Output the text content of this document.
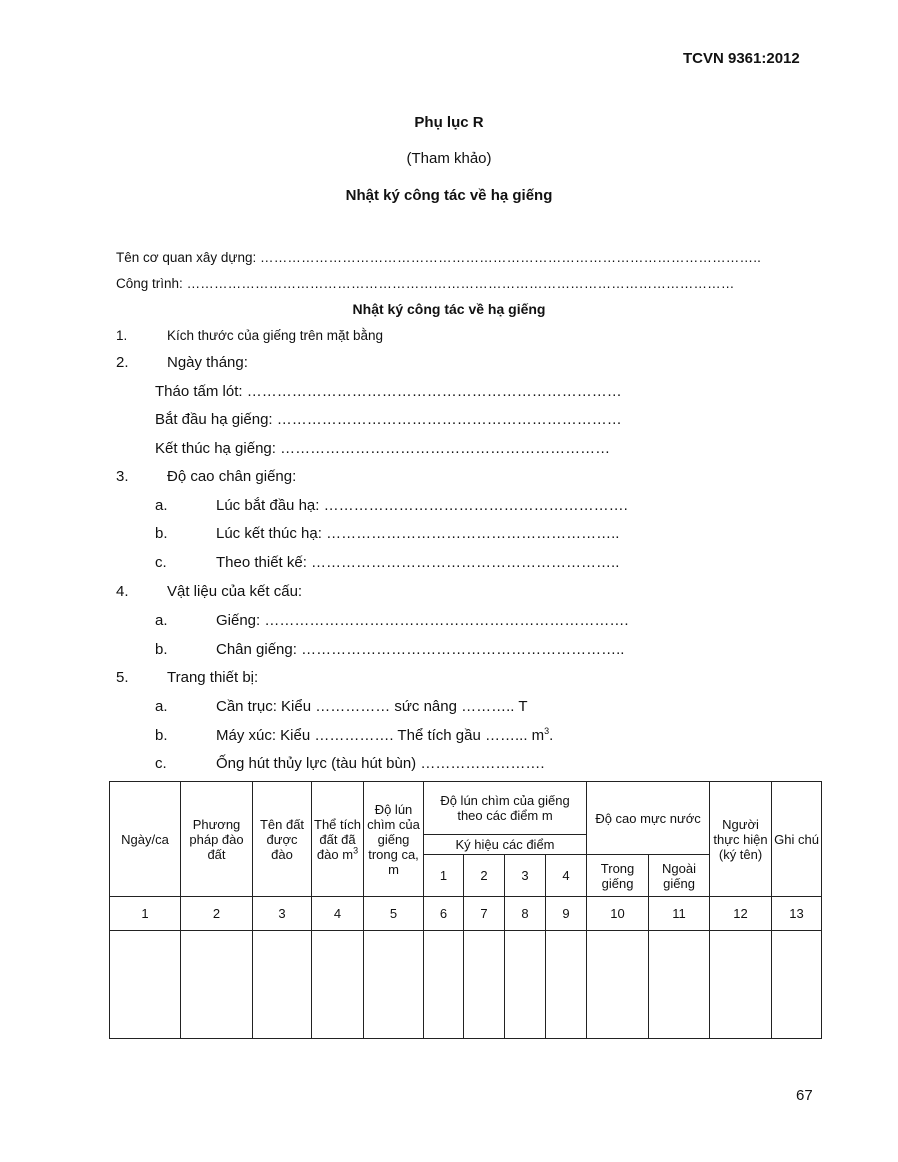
TCVN 9361:2012
Phụ lục R
(Tham khảo)
Nhật ký công tác về hạ giếng
Tên cơ quan xây dựng: ………………………………………………………………………………………………..
Công trình: …………………………………………………………………………………………………………
Nhật ký công tác về hạ giếng
1.	Kích thước của giếng trên mặt bằng
2.	Ngày tháng:
Tháo tấm lót: …………………………………………………………………
Bắt đầu hạ giếng: ……………………………………………………………
Kết thúc hạ giếng: …………………………………………………………
3.	Độ cao chân giếng:
a.	Lúc bắt đầu hạ: …………………………………………………….
b.	Lúc kết thúc hạ: …………………………………………………..
c.	Theo thiết kế: ……………………………………………………..
4.	Vật liệu của kết cấu:
a.	Giếng: ……………………………………………………………….
b.	Chân giếng: ………………………………………………………..
5.	Trang thiết bị:
a.	Cần trục: Kiểu …………… sức nâng ……….. T
b.	Máy xúc: Kiểu ……………. Thể tích gầu ……... $m^3$.
c.	Ống hút thủy lực (tàu hút bùn) …………………….
Ngày/ca	Phương pháp đào đất	Tên đất được đào	Thể tích đất đã đào $m^3$	Độ lún chìm của giếng trong ca, m	Độ lún chìm của giếng theo các điểm m				Độ cao mực nước		Người thực hiện (ký tên)	Ghi chú
					Ký hiệu các điểm							
					1	2	3	4	Trong giếng	Ngoài giếng		
1	2	3	4	5	6	7	8	9	10	11	12	13

67
